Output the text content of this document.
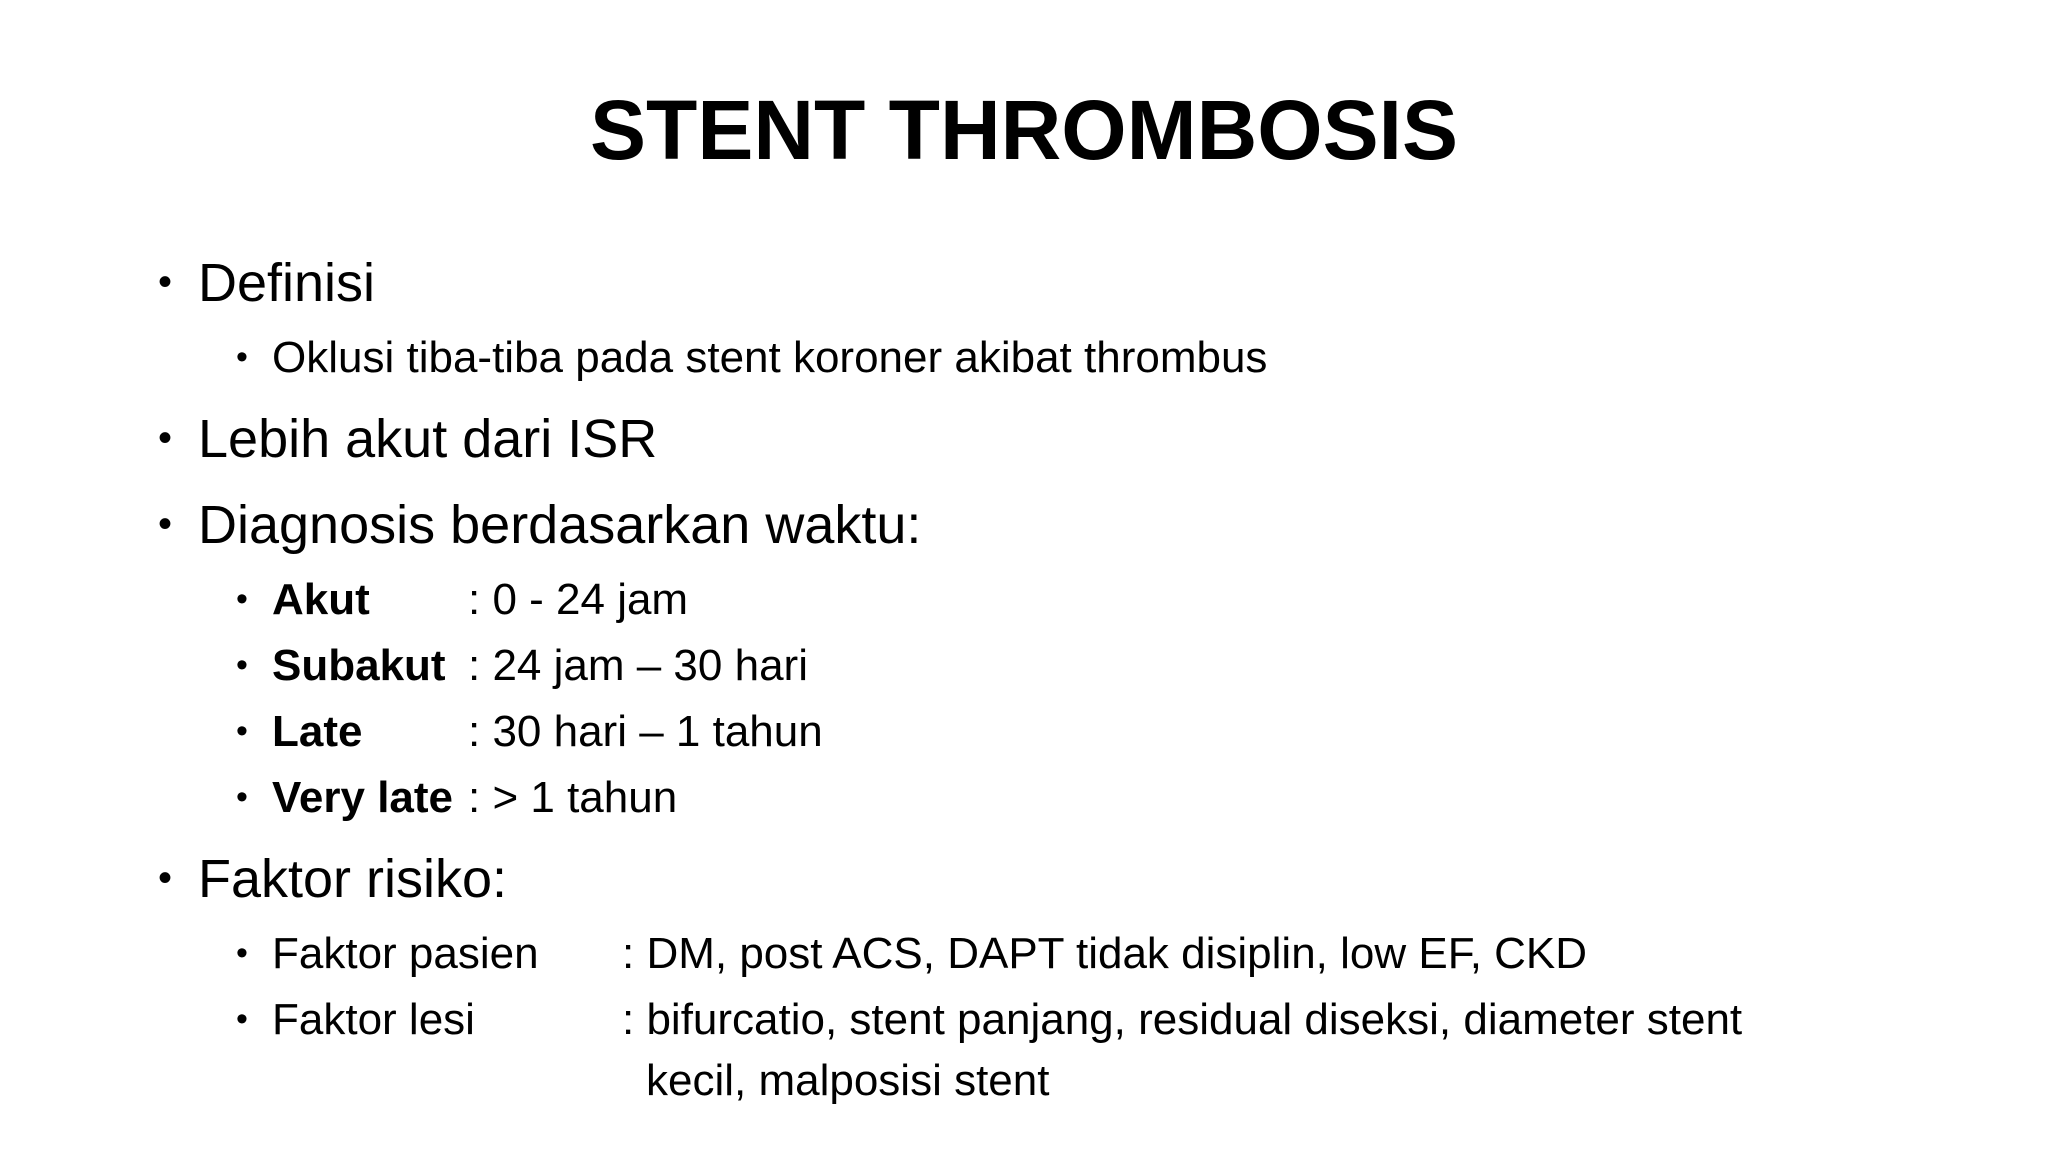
STENT THROMBOSIS
• Definisi
• Oklusi tiba-tiba pada stent koroner akibat thrombus
• Lebih akut dari ISR
• Diagnosis berdasarkan waktu:
• Akut : 0 - 24 jam
• Subakut : 24 jam – 30 hari
• Late : 30 hari – 1 tahun
• Very late : > 1 tahun
• Faktor risiko:
• Faktor pasien : DM, post ACS, DAPT tidak disiplin, low EF, CKD
• Faktor lesi	: bifurcatio, stent panjang, residual diseksi, diameter stent
kecil, malposisi stent
